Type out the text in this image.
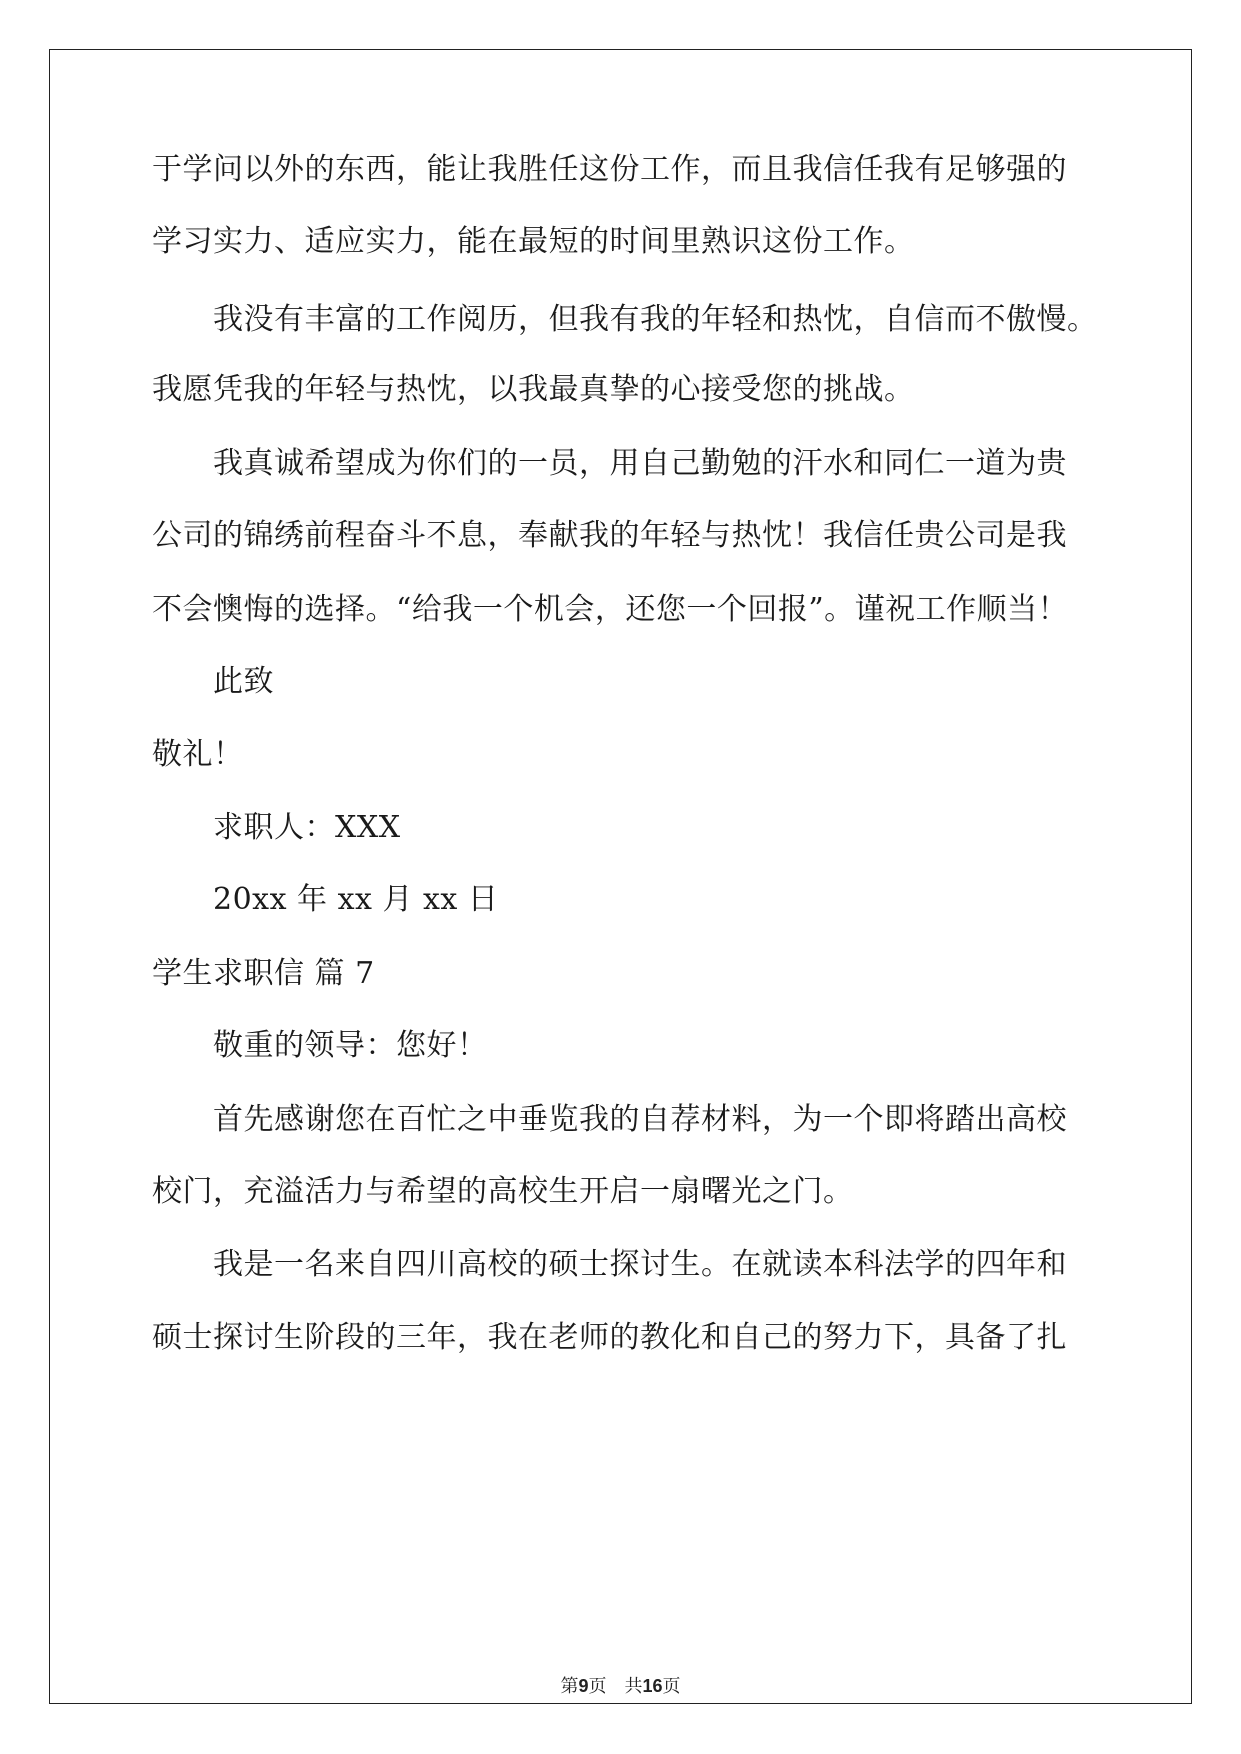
于学问以外的东西，能让我胜任这份工作，而且我信任我有足够强的
学习实力、适应实力，能在最短的时间里熟识这份工作。
我没有丰富的工作阅历，但我有我的年轻和热忱，自信而不傲慢。
我愿凭我的年轻与热忱，以我最真挚的心接受您的挑战。
我真诚希望成为你们的一员，用自己勤勉的汗水和同仁一道为贵
公司的锦绣前程奋斗不息，奉献我的年轻与热忱！我信任贵公司是我
不会懊悔的选择。“给我一个机会，还您一个回报”。谨祝工作顺当！
此致
敬礼！
求职人：XXX
20xx 年 xx 月 xx 日
学生求职信 篇 7
敬重的领导：您好！
首先感谢您在百忙之中垂览我的自荐材料，为一个即将踏出高校
校门，充溢活力与希望的高校生开启一扇曙光之门。
我是一名来自四川高校的硕士探讨生。在就读本科法学的四年和
硕士探讨生阶段的三年，我在老师的教化和自己的努力下，具备了扎
第9页　共16页
